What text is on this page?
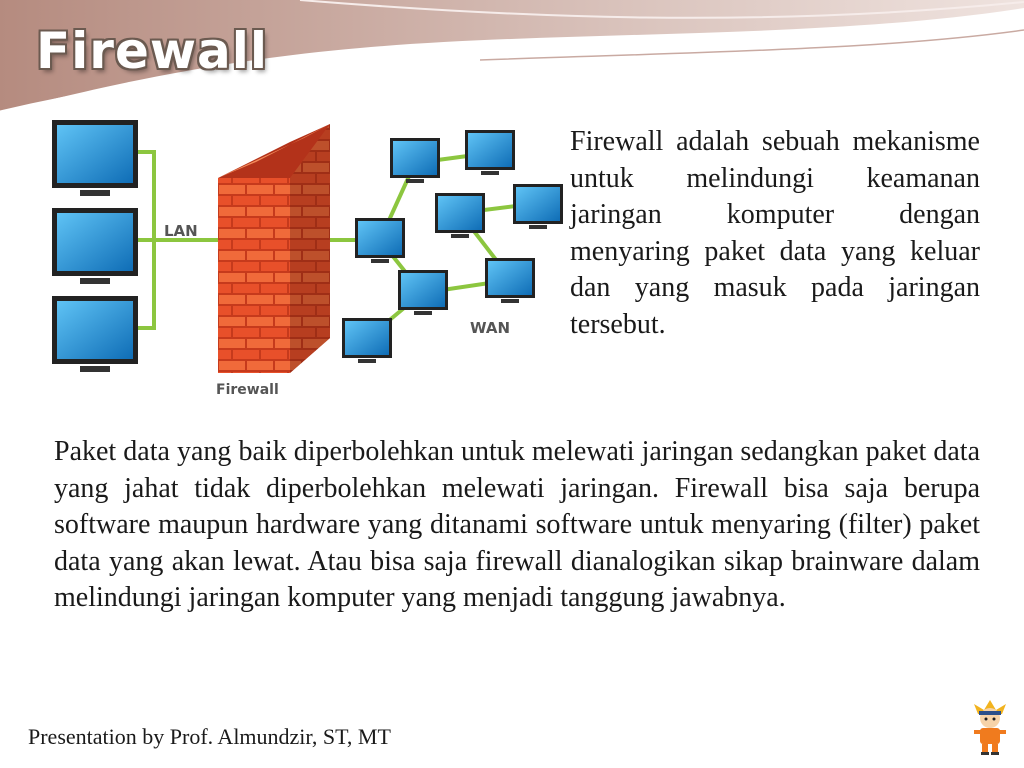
Firewall
LAN
Firewall
WAN

Firewall adalah sebuah mekanisme untuk melindungi keamanan jaringan komputer dengan menyaring paket data yang keluar dan yang masuk pada jaringan tersebut.

Paket data yang baik diperbolehkan untuk melewati jaringan sedangkan paket data yang jahat tidak diperbolehkan melewati jaringan. Firewall bisa saja berupa software maupun hardware yang ditanami software untuk menyaring (filter) paket data yang akan lewat. Atau bisa saja firewall dianalogikan sikap brainware dalam melindungi jaringan komputer yang menjadi tanggung jawabnya.

Presentation by Prof. Almundzir, ST, MT
